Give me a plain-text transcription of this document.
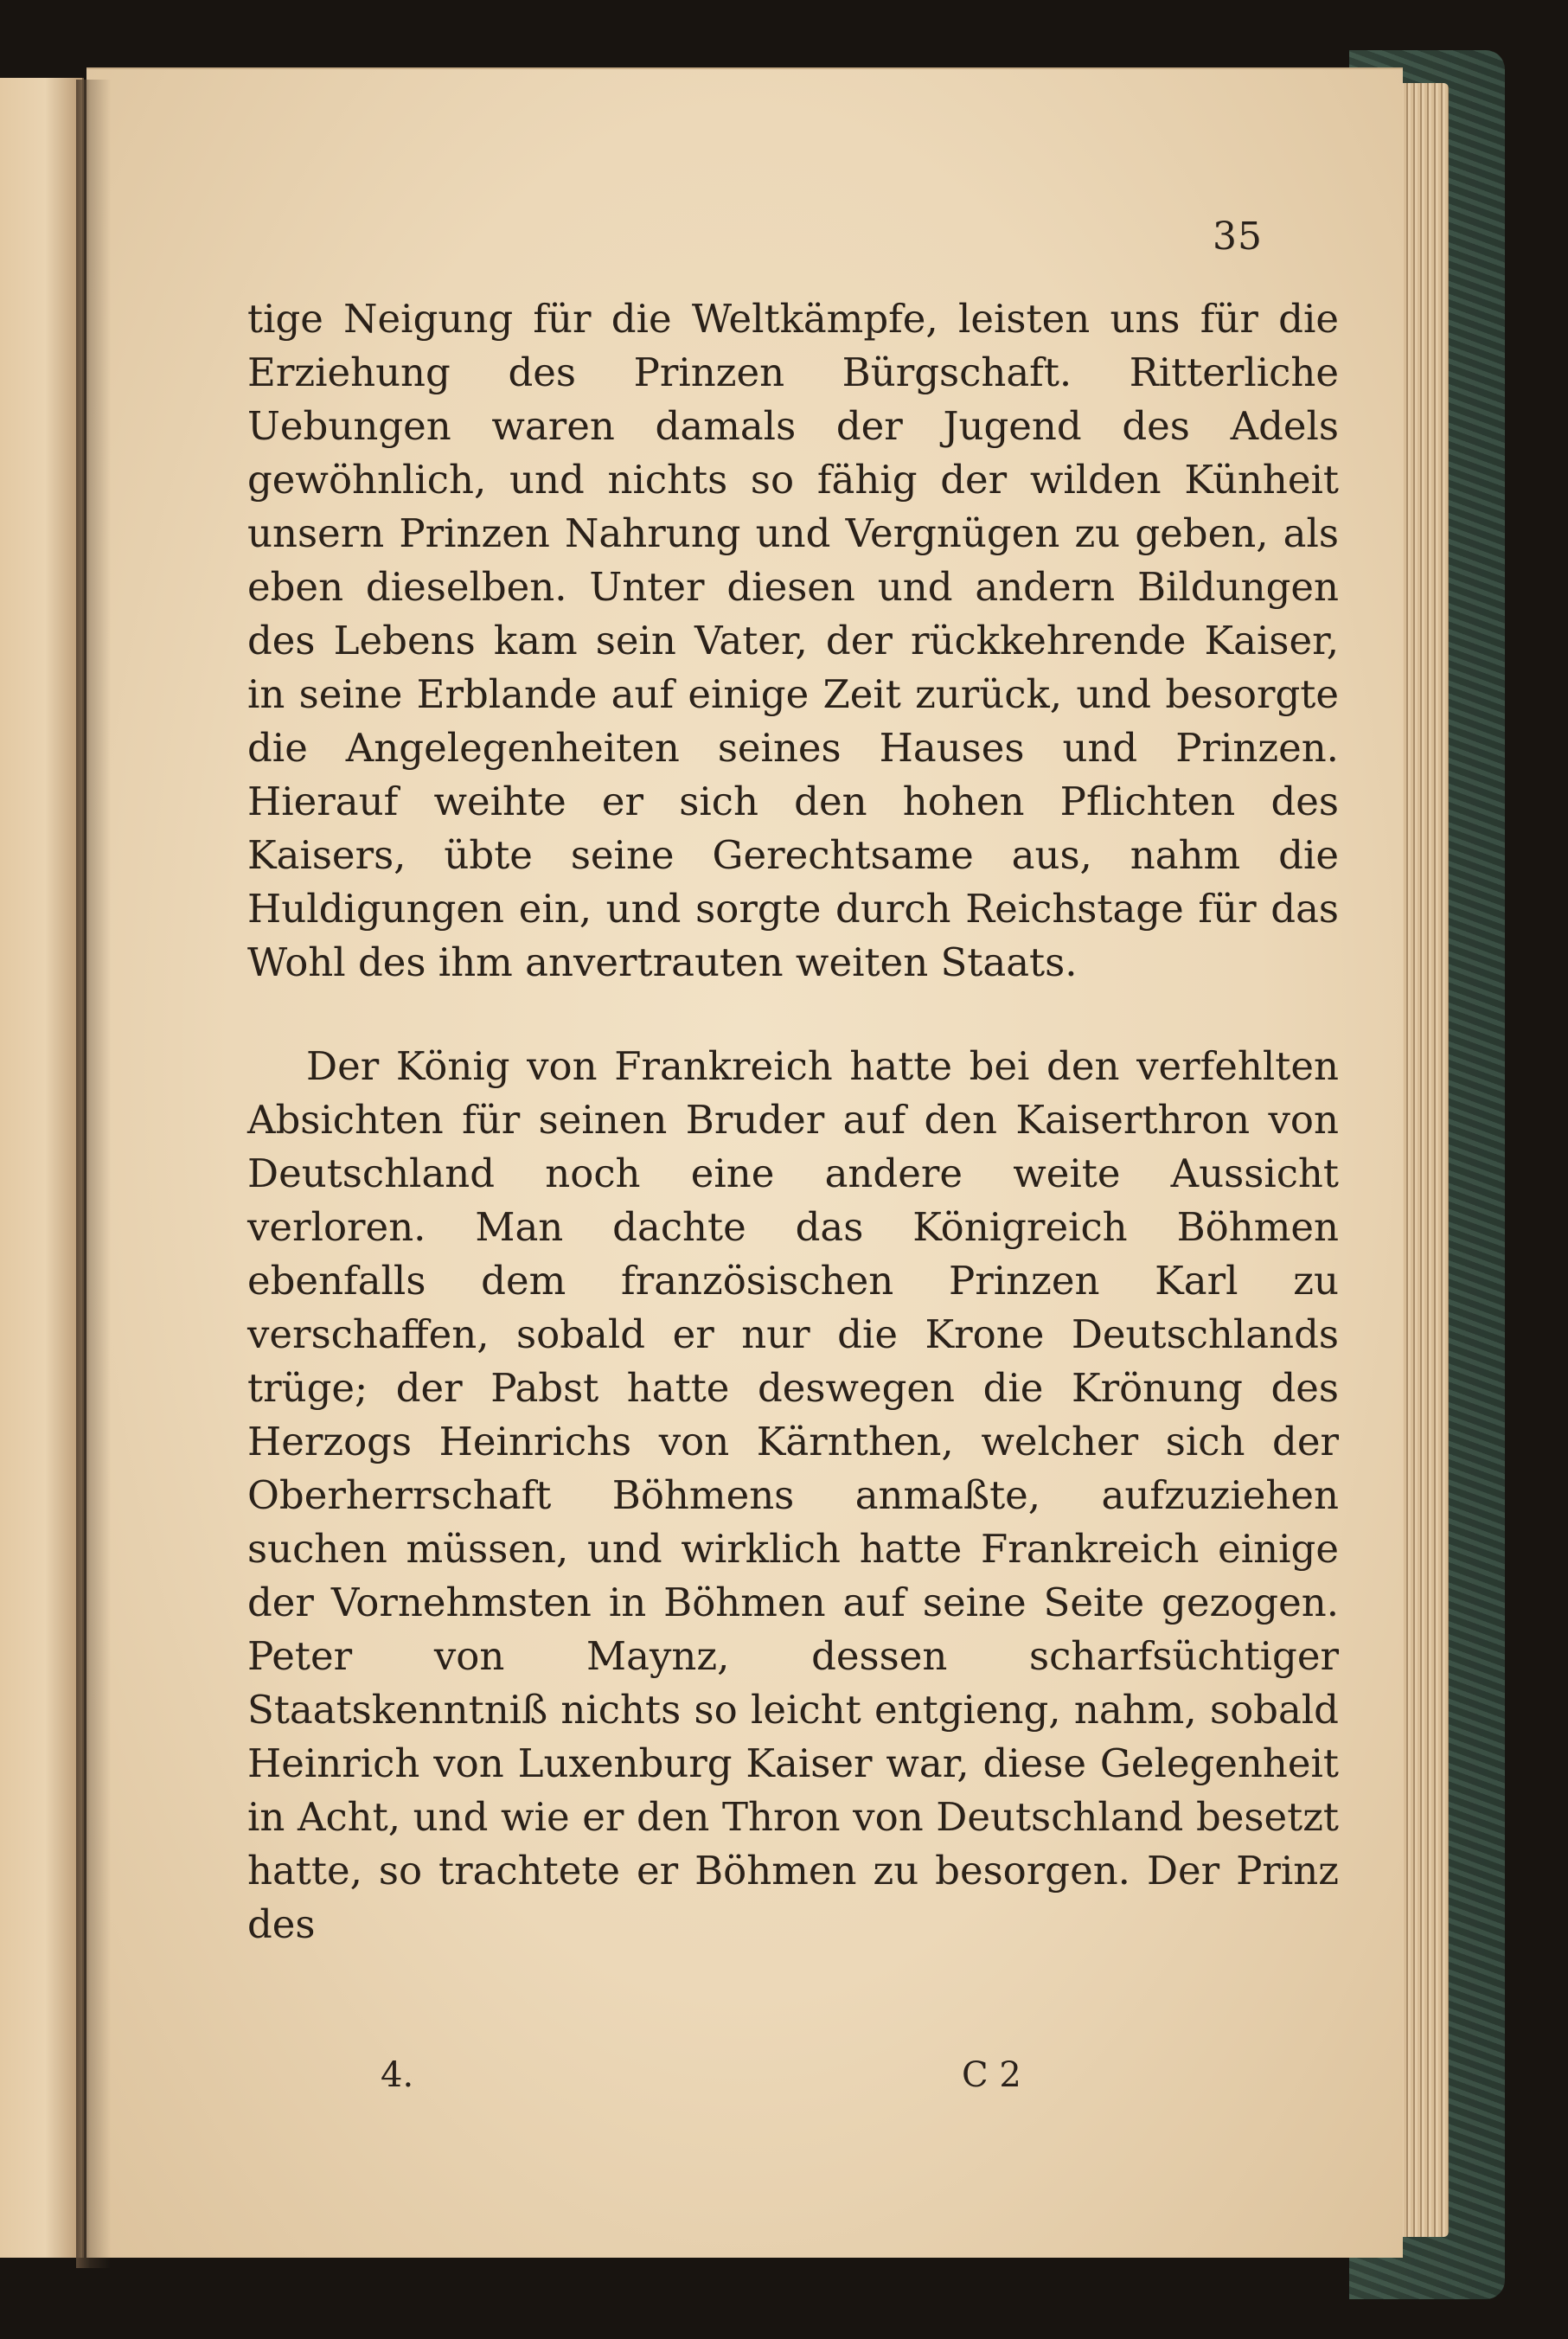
35

tige Neigung für die Weltkämpfe, leisten uns für die Erziehung des Prinzen Bürgschaft. Ritterliche Uebungen waren damals der Jugend des Adels gewöhnlich, und nichts so fähig der wilden Künheit unsern Prinzen Nahrung und Vergnügen zu geben, als eben dieselben. Unter diesen und andern Bildungen des Lebens kam sein Vater, der rückkehrende Kaiser, in seine Erblande auf einige Zeit zurück, und besorgte die Angelegenheiten seines Hauses und Prinzen. Hierauf weihte er sich den hohen Pflichten des Kaisers, übte seine Gerechtsame aus, nahm die Huldigungen ein, und sorgte durch Reichstage für das Wohl des ihm anvertrauten weiten Staats.

Der König von Frankreich hatte bei den verfehlten Absichten für seinen Bruder auf den Kaiserthron von Deutschland noch eine andere weite Aussicht verloren. Man dachte das Königreich Böhmen ebenfalls dem französischen Prinzen Karl zu verschaffen, sobald er nur die Krone Deutschlands trüge; der Pabst hatte deswegen die Krönung des Herzogs Heinrichs von Kärnthen, welcher sich der Oberherrschaft Böhmens anmaßte, aufzuziehen suchen müssen, und wirklich hatte Frankreich einige der Vornehmsten in Böhmen auf seine Seite gezogen. Peter von Maynz, dessen scharfsüchtiger Staatskenntniß nichts so leicht entgieng, nahm, sobald Heinrich von Luxenburg Kaiser war, diese Gelegenheit in Acht, und wie er den Thron von Deutschland besetzt hatte, so trachtete er Böhmen zu besorgen. Der Prinz des

4.	C 2
